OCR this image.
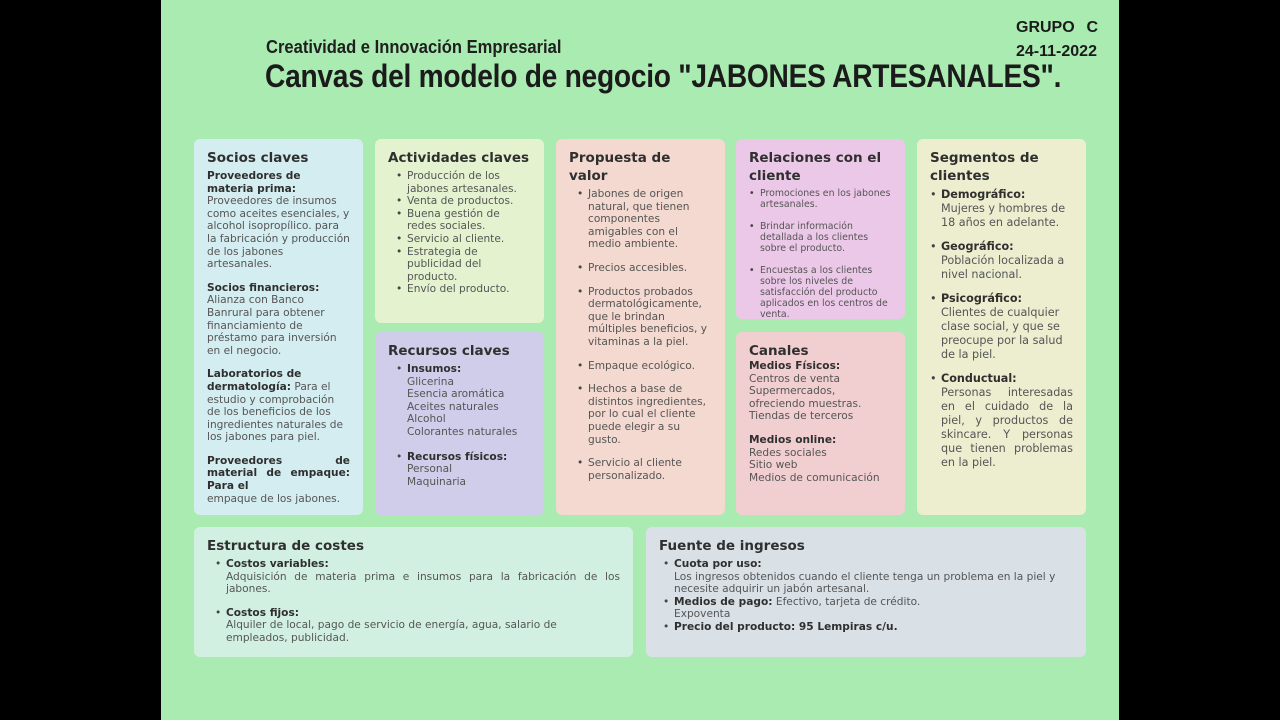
Creatividad e Innovación Empresarial
Canvas del modelo de negocio "JABONES ARTESANALES".
GRUPO C
24-11-2022
Socios claves
Proveedores de materia prima: Proveedores de insumos como aceites esenciales, y alcohol isopropílico. para la fabricación y producción de los jabones artesanales.
Socios financieros:
Alianza con Banco Banrural para obtener financiamiento de préstamo para inversión en el negocio.
Laboratorios de dermatología: Para el estudio y comprobación de los beneficios de los ingredientes naturales de los jabones para piel.
Proveedores de material de empaque: Para el
empaque de los jabones.
Actividades claves
• Producción de los jabones artesanales.
• Venta de productos.
• Buena gestión de redes sociales.
• Servicio al cliente.
• Estrategia de publicidad del producto.
• Envío del producto.
Recursos claves
• Insumos:
Glicerina
Esencia aromática
Aceites naturales
Alcohol
Colorantes naturales
• Recursos físicos:
Personal
Maquinaria
Propuesta de valor
• Jabones de origen natural, que tienen componentes amigables con el medio ambiente.
• Precios accesibles.
• Productos probados dermatológicamente, que le brindan múltiples beneficios, y vitaminas a la piel.
• Empaque ecológico.
• Hechos a base de distintos ingredientes, por lo cual el cliente puede elegir a su gusto.
• Servicio al cliente personalizado.
Relaciones con el cliente
• Promociones en los jabones artesanales.
• Brindar información detallada a los clientes sobre el producto.
• Encuestas a los clientes sobre los niveles de satisfacción del producto aplicados en los centros de venta.
Canales
Medios Físicos:
Centros de venta
Supermercados, ofreciendo muestras.
Tiendas de terceros
Medios online:
Redes sociales
Sitio web
Medios de comunicación
Segmentos de clientes
• Demográfico:
Mujeres y hombres de 18 años en adelante.
• Geográfico:
Población localizada a nivel nacional.
• Psicográfico:
Clientes de cualquier clase social, y que se preocupe por la salud de la piel.
• Conductual:
Personas interesadas en el cuidado de la piel, y productos de skincare. Y personas que tienen problemas en la piel.
Estructura de costes
• Costos variables:
Adquisición de materia prima e insumos para la fabricación de los jabones.
• Costos fijos:
Alquiler de local, pago de servicio de energía, agua, salario de empleados, publicidad.
Fuente de ingresos
• Cuota por uso:
Los ingresos obtenidos cuando el cliente tenga un problema en la piel y necesite adquirir un jabón artesanal.
• Medios de pago: Efectivo, tarjeta de crédito.
Expoventa
• Precio del producto: 95 Lempiras c/u.
